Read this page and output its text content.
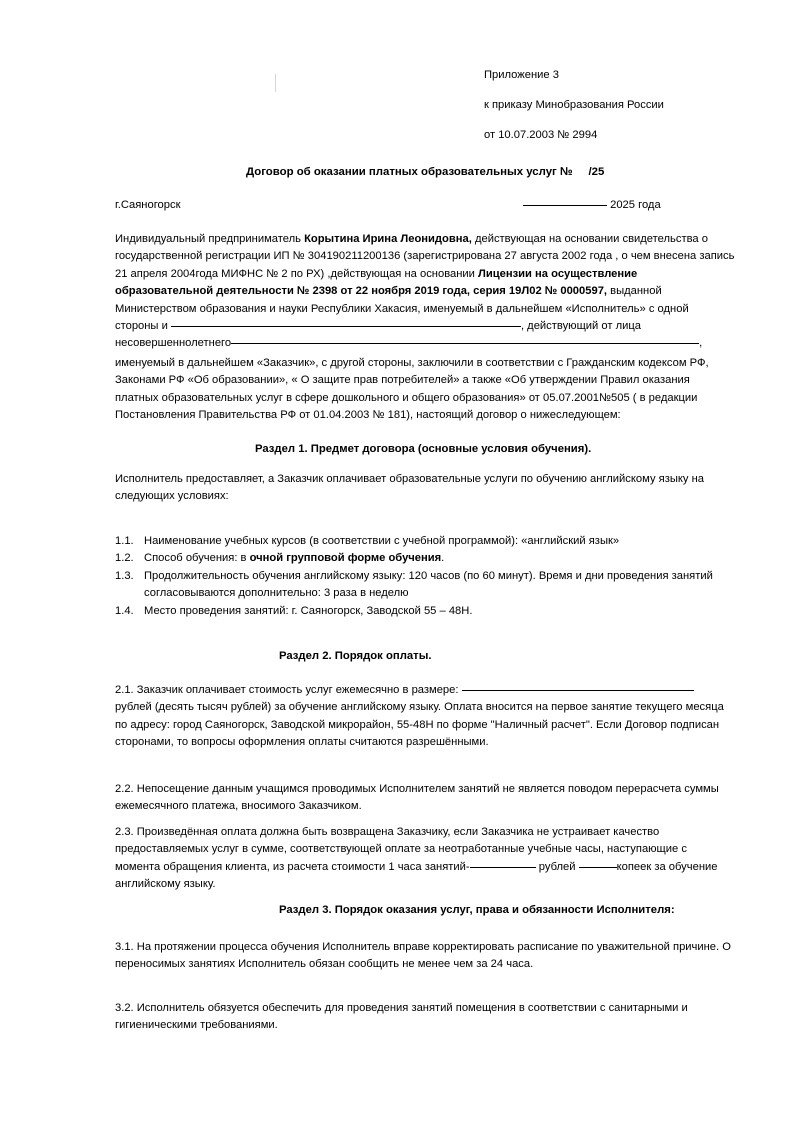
Приложение 3
к приказу Минобразования России
от 10.07.2003 № 2994
Договор об оказании платных образовательных услуг №     /25
г.Саяногорск	2025 года
Индивидуальный предприниматель Корытина Ирина Леонидовна, действующая на основании свидетельства о государственной регистрации ИП № 304190211200136 (зарегистрирована 27 августа 2002 года , о чем внесена запись 21 апреля 2004года МИФНС № 2 по РХ) ,действующая на основании Лицензии на осуществление образовательной деятельности № 2398 от 22 ноября 2019 года, серия 19Л02 № 0000597, выданной Министерством образования и науки Республики Хакасия, именуемый в дальнейшем «Исполнитель» с одной стороны и	, действующий от лица несовершеннолетнего	,
именуемый в дальнейшем «Заказчик», с другой стороны, заключили в соответствии с Гражданским кодексом РФ, Законами РФ «Об образовании», « О защите прав потребителей» а также «Об утверждении Правил оказания платных образовательных услуг в сфере дошкольного и общего образования» от 05.07.2001№505 ( в редакции Постановления Правительства РФ от 01.04.2003 № 181), настоящий договор о нижеследующем:
Раздел 1. Предмет договора (основные условия обучения).
Исполнитель предоставляет, а Заказчик оплачивает образовательные услуги по обучению английскому языку на следующих условиях:
1.1. Наименование учебных курсов (в соответствии с учебной программой): «английский язык»
1.2. Способ обучения: в очной групповой форме обучения.
1.3. Продолжительность обучения английскому языку: 120 часов (по 60 минут). Время и дни проведения занятий согласовываются дополнительно: 3 раза в неделю
1.4. Место проведения занятий: г. Саяногорск, Заводской 55 – 48Н.
Раздел 2. Порядок оплаты.
2.1. Заказчик оплачивает стоимость услуг ежемесячно в размере:
рублей (десять тысяч рублей) за обучение английскому языку. Оплата вносится на первое занятие текущего месяца по адресу: город Саяногорск, Заводской микрорайон, 55-48Н по форме "Наличный расчет". Если Договор подписан сторонами, то вопросы оформления оплаты считаются разрешёнными.
2.2. Непосещение данным учащимся проводимых Исполнителем занятий не является поводом перерасчета суммы ежемесячного платежа, вносимого Заказчиком.
2.3. Произведённая оплата должна быть возвращена Заказчику, если Заказчика не устраивает качество предоставляемых услуг в сумме, соответствующей оплате за неотработанные учебные часы, наступающие с момента обращения клиента, из расчета стоимости 1 часа занятий-	рублей	копеек за обучение английскому языку.
Раздел 3. Порядок оказания услуг, права и обязанности Исполнителя:
3.1. На протяжении процесса обучения Исполнитель вправе корректировать расписание по уважительной причине. О переносимых занятиях Исполнитель обязан сообщить не менее чем за 24 часа.
3.2. Исполнитель обязуется обеспечить для проведения занятий помещения в соответствии с санитарными и гигиеническими требованиями.
